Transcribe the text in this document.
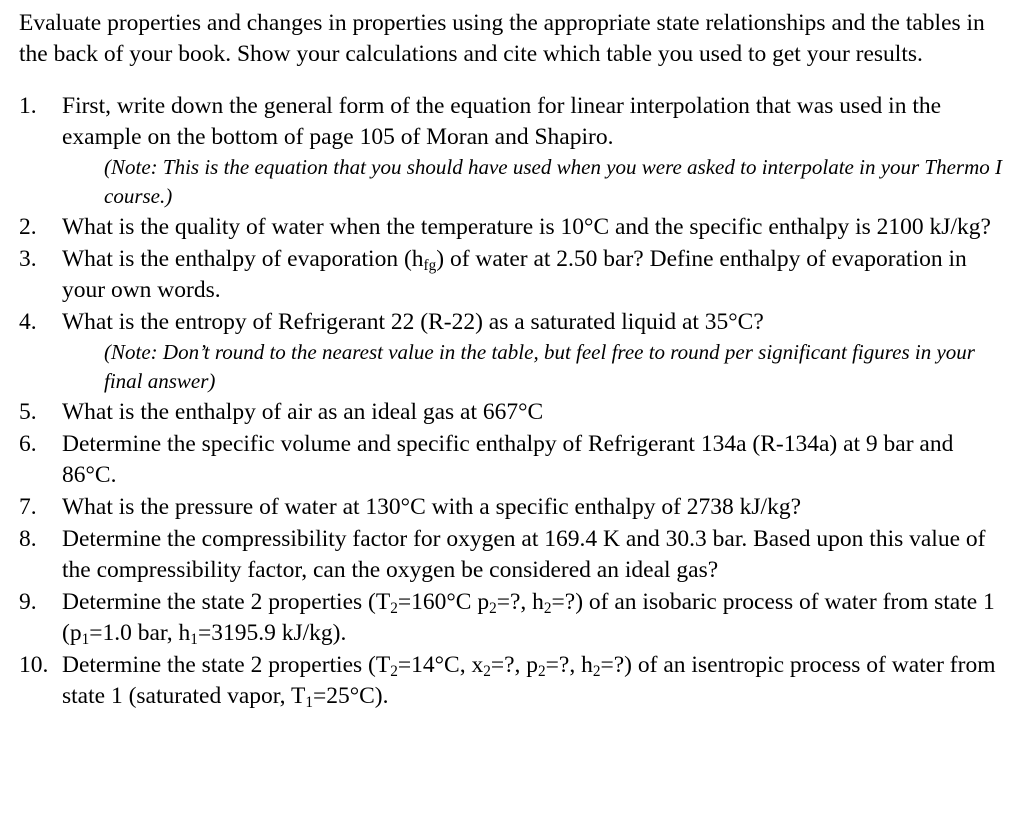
Evaluate properties and changes in properties using the appropriate state relationships and the tables in the back of your book. Show your calculations and cite which table you used to get your results.

1. First, write down the general form of the equation for linear interpolation that was used in the example on the bottom of page 105 of Moran and Shapiro.
(Note: This is the equation that you should have used when you were asked to interpolate in your Thermo I course.)
2. What is the quality of water when the temperature is 10°C and the specific enthalpy is 2100 kJ/kg?
3. What is the enthalpy of evaporation $(h_{fg})$ of water at 2.50 bar? Define enthalpy of evaporation in your own words.
4. What is the entropy of Refrigerant 22 (R-22) as a saturated liquid at 35°C?
(Note: Don’t round to the nearest value in the table, but feel free to round per significant figures in your final answer)
5. What is the enthalpy of air as an ideal gas at 667°C
6. Determine the specific volume and specific enthalpy of Refrigerant 134a (R-134a) at 9 bar and 86°C.
7. What is the pressure of water at 130°C with a specific enthalpy of 2738 kJ/kg?
8. Determine the compressibility factor for oxygen at 169.4 K and 30.3 bar. Based upon this value of the compressibility factor, can the oxygen be considered an ideal gas?
9. Determine the state 2 properties ($T_2=160^\circ C$ $p_2=$?, $h_2=$?) of an isobaric process of water from state 1 ($p_1=1.0$ bar, $h_1=3195.9$ kJ/kg).
10. Determine the state 2 properties ($T_2=14^\circ C$, $x_2=$?, $p_2=$?, $h_2=$?) of an isentropic process of water from state 1 (saturated vapor, $T_1=25^\circ C$).
